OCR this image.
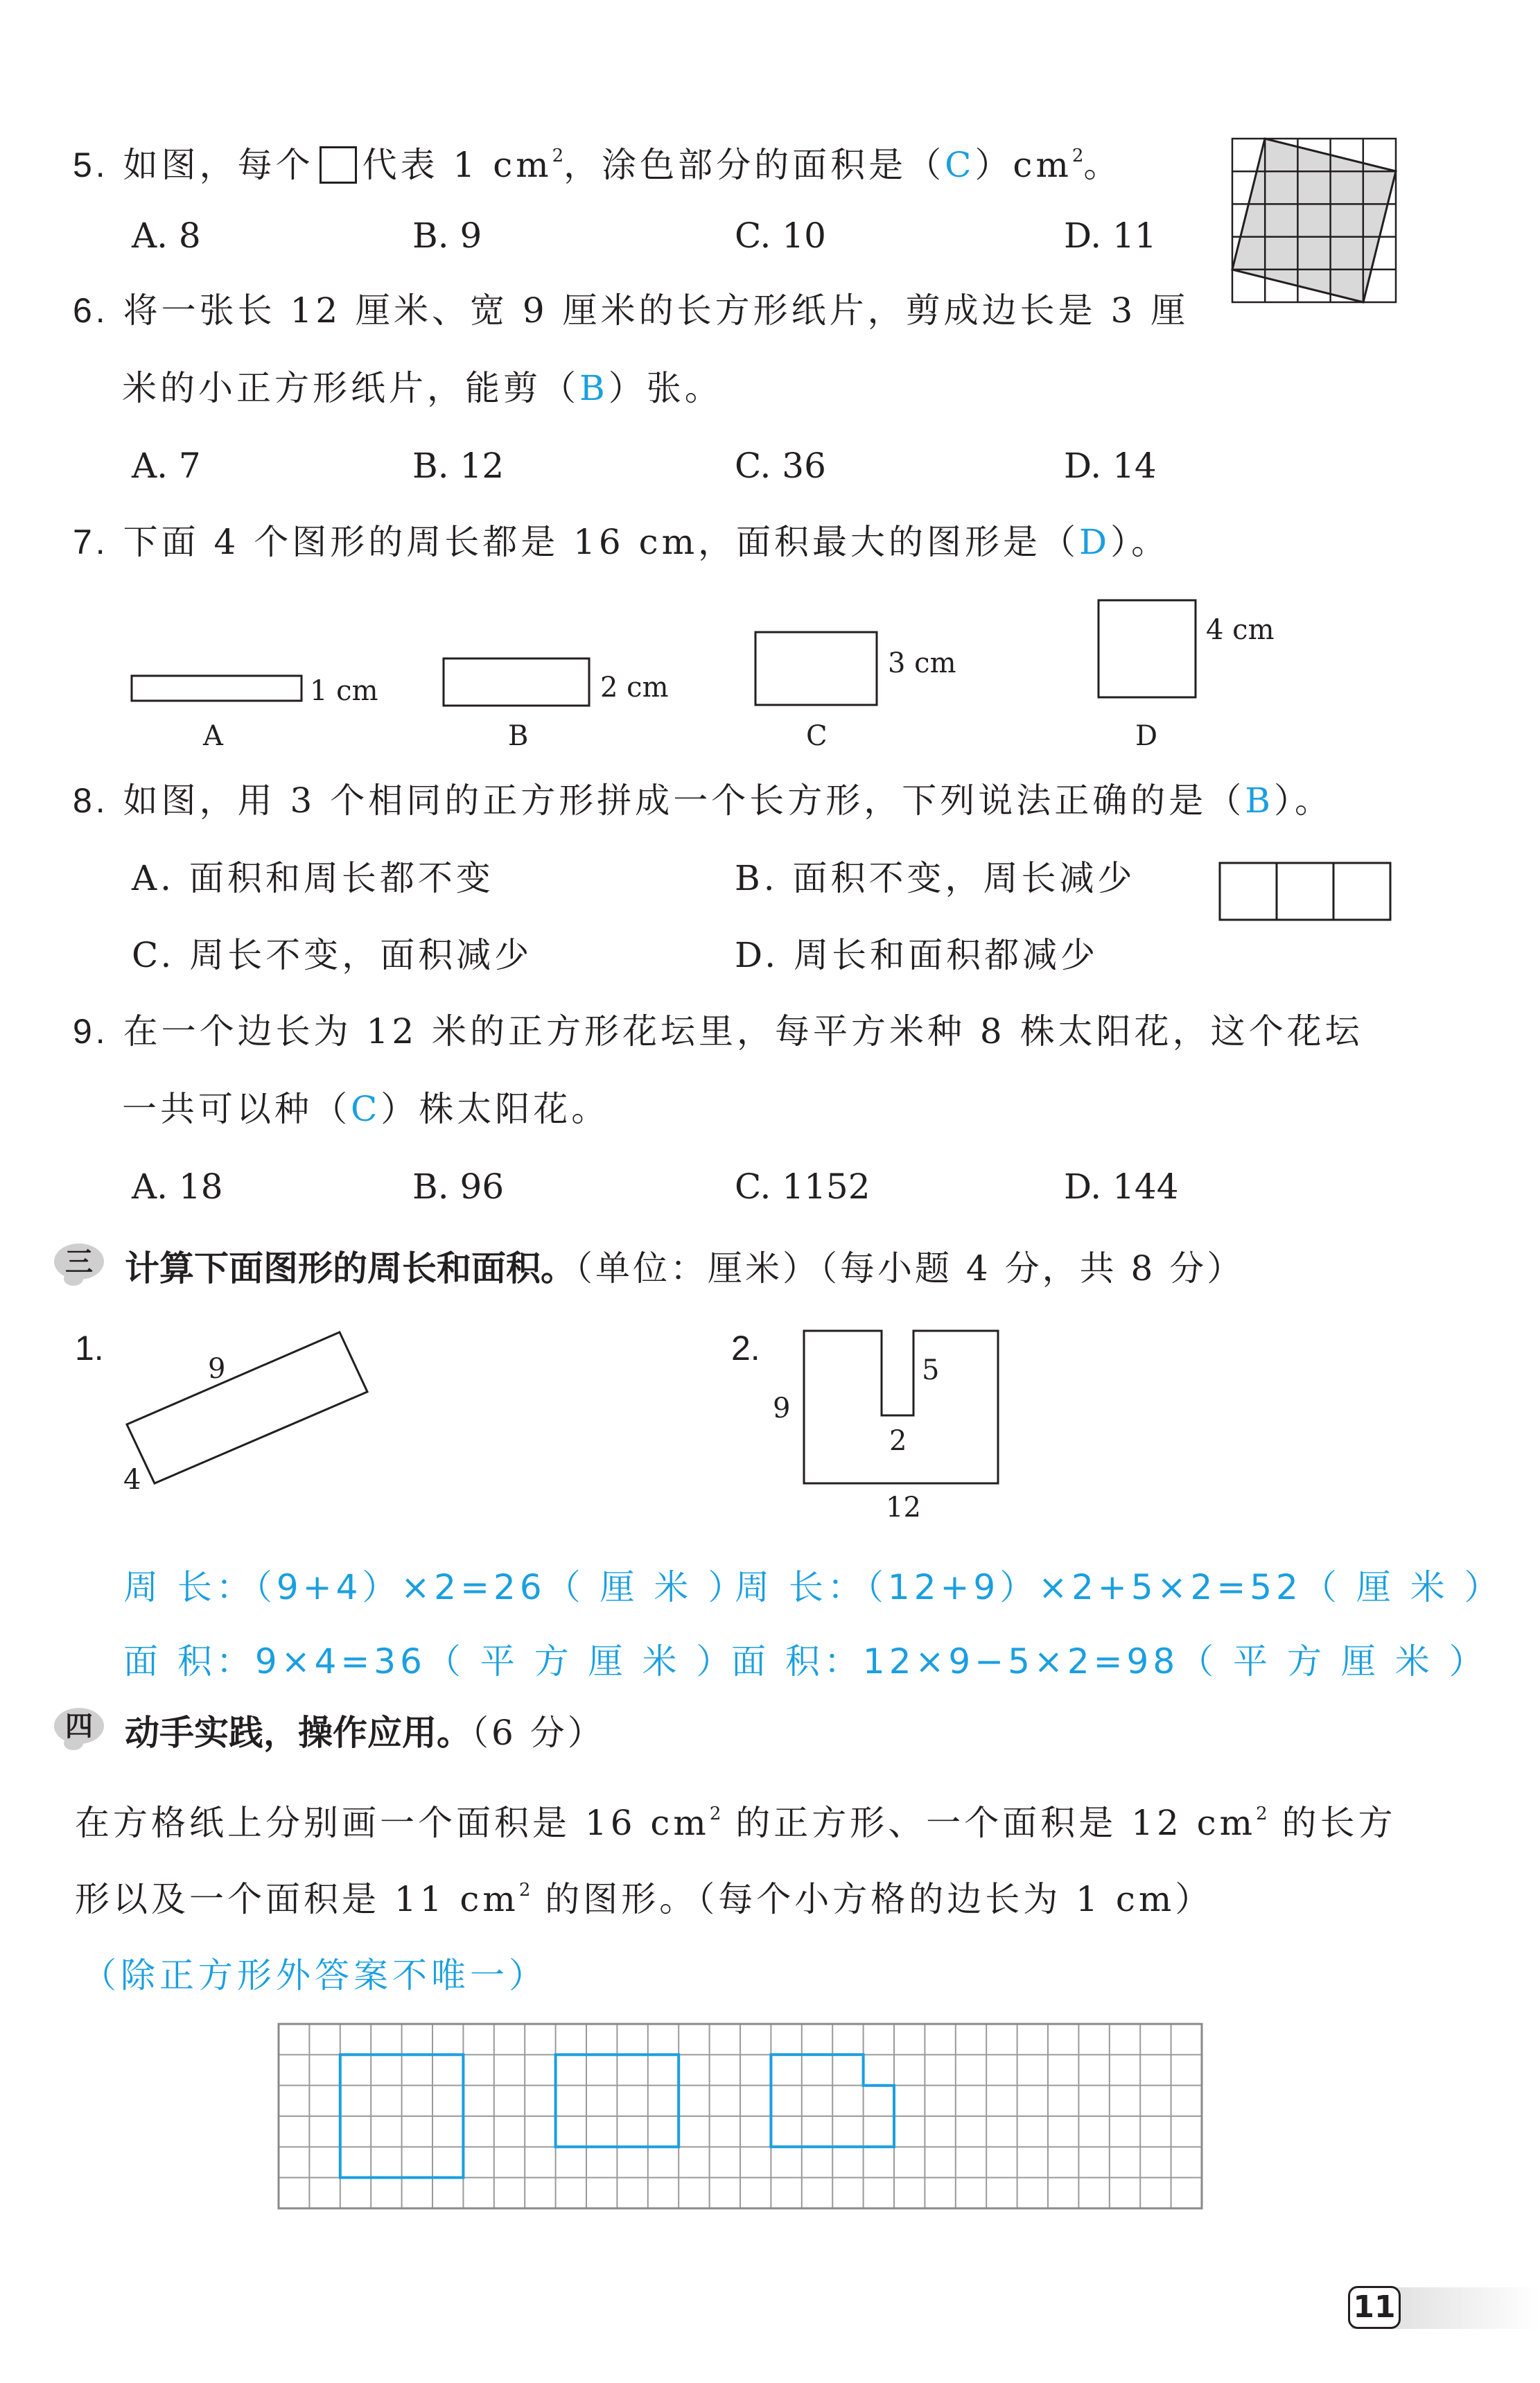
5. 如图，每个 代表 1 $cm^2$，涂色部分的面积是$(C)cm^2$。
A. 8	B. 9	C. 10	D. 11
6. 将一张长 12 厘米、宽 9 厘米的长方形纸片，剪成边长是 3 厘
米的小正方形纸片，能剪（B）张。
A. 7	B. 12	C. 36	D. 14
7. 下面 4 个图形的周长都是 16 cm，面积最大的图形是（D）。
1 cm
A
2 cm
B
3 cm
C
4 cm
D
8. 如图，用 3 个相同的正方形拼成一个长方形，下列说法正确的是（B）。
A. 面积和周长都不变	B. 面积不变，周长减少
C. 周长不变，面积减少	D. 周长和面积都减少
9. 在一个边长为 12 米的正方形花坛里，每平方米种 8 株太阳花，这个花坛
一共可以种（C）株太阳花。
A. 18	B. 96	C. 1152	D. 144
三 计算下面图形的周长和面积。（单位：厘米）（每小题 4 分，共 8 分）
1.	2.
9
4
9
5
2
12
周 长：（9+4）×2=26（ 厘 米 ）
面 积：9×4=36（ 平 方 厘 米 ）
周 长：（12+9）×2+5×2=52（ 厘 米 ）
面 积：12×9−5×2=98（ 平 方 厘 米 ）
四 动手实践，操作应用。（6 分）
在方格纸上分别画一个面积是 16 $cm^2$ 的正方形、一个面积是 12 $cm^2$ 的长方
形以及一个面积是 11 $cm^2$ 的图形。（每个小方格的边长为 1 cm）
（除正方形外答案不唯一）
11
